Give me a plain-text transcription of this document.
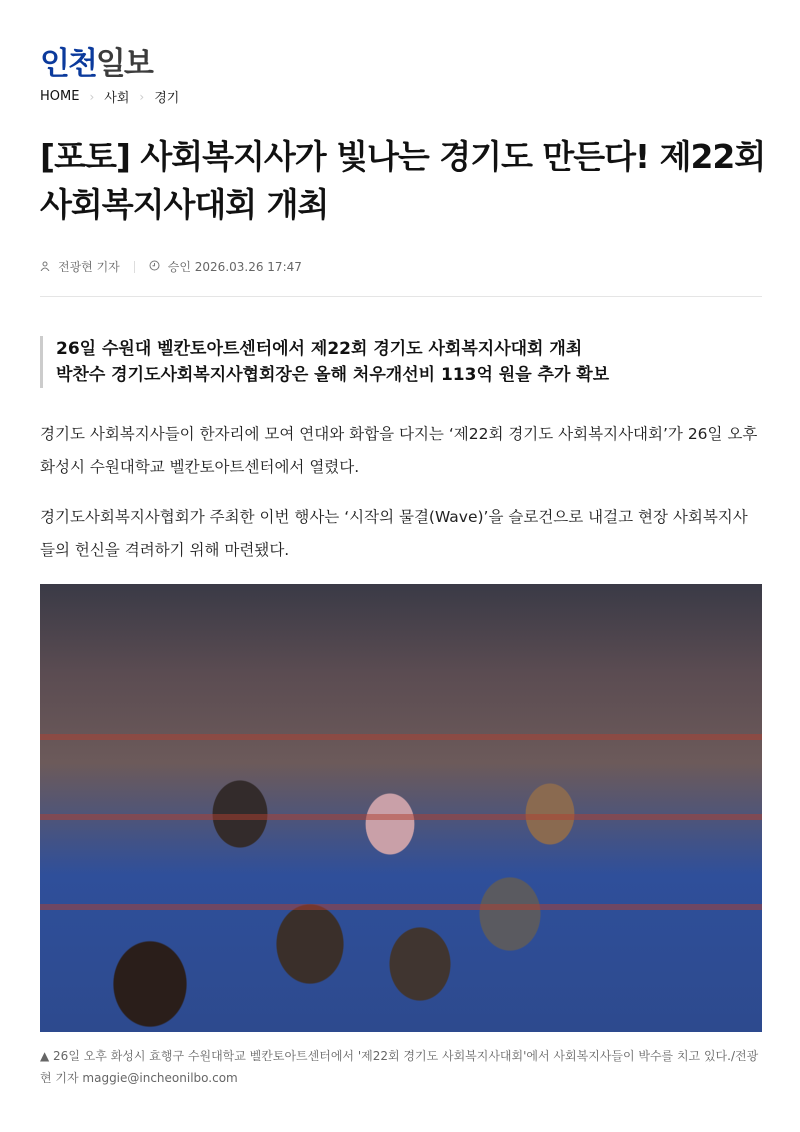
인천일보
HOME › 사회 › 경기
[포토] 사회복지사가 빛나는 경기도 만든다! 제22회 사회복지사대회 개최
전광현 기자	승인 2026.03.26 17:47
26일 수원대 벨칸토아트센터에서 제22회 경기도 사회복지사대회 개최
박찬수 경기도사회복지사협회장은 올해 처우개선비 113억 원을 추가 확보

경기도 사회복지사들이 한자리에 모여 연대와 화합을 다지는 ‘제22회 경기도 사회복지사대회’가 26일 오후 화성시 수원대학교 벨칸토아트센터에서 열렸다.

경기도사회복지사협회가 주최한 이번 행사는 ‘시작의 물결(Wave)’을 슬로건으로 내걸고 현장 사회복지사들의 헌신을 격려하기 위해 마련됐다.

▲ 26일 오후 화성시 효행구 수원대학교 벨칸토아트센터에서 '제22회 경기도 사회복지사대회'에서 사회복지사들이 박수를 치고 있다./전광현 기자 maggie@incheonilbo.com
